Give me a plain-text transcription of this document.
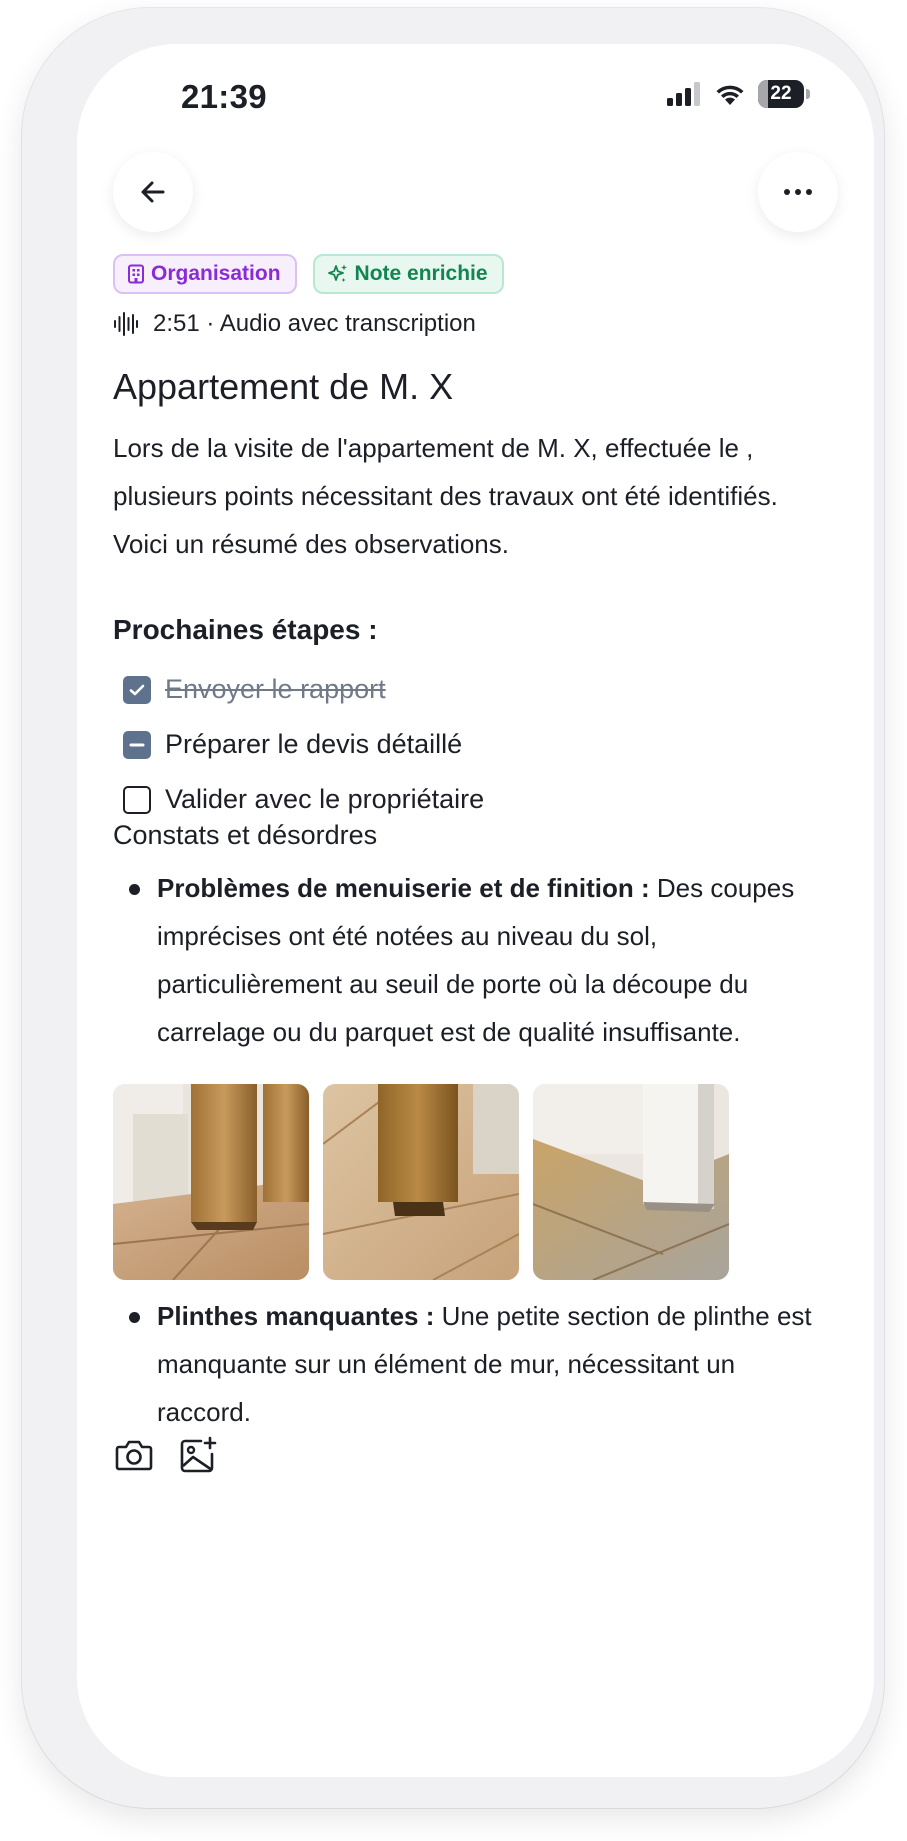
21:39	22
Organisation	Note enrichie
2:51 · Audio avec transcription
Appartement de M. X

Lors de la visite de l'appartement de M. X, effectuée le , plusieurs points nécessitant des travaux ont été identifiés. Voici un résumé des observations.

Prochaines étapes :
Envoyer le rapport
Préparer le devis détaillé
Valider avec le propriétaire
Constats et désordres
Problèmes de menuiserie et de finition : Des coupes imprécises ont été notées au niveau du sol, particulièrement au seuil de porte où la découpe du carrelage ou du parquet est de qualité insuffisante.
Plinthes manquantes : Une petite section de plinthe est manquante sur un élément de mur, nécessitant un raccord.
